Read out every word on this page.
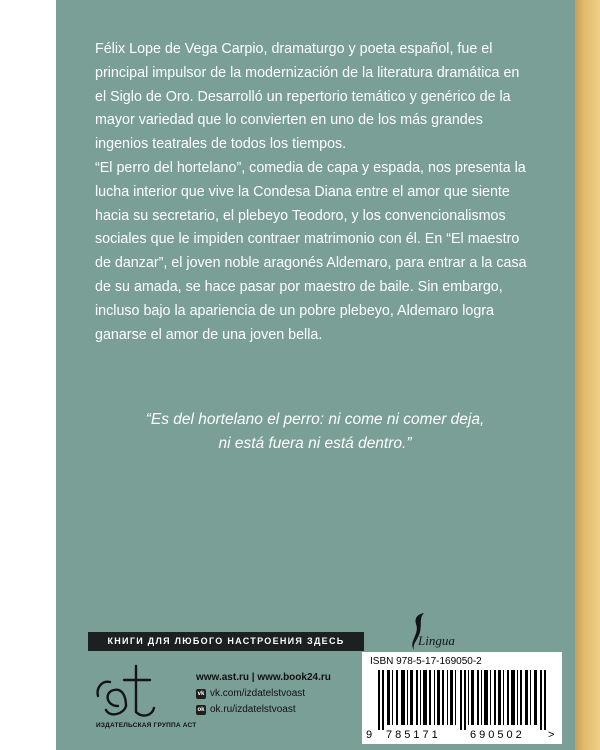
Félix Lope de Vega Carpio, dramaturgo y poeta español, fue el principal impulsor de la modernización de la literatura dramática en el Siglo de Oro. Desarrolló un repertorio temático y genérico de la mayor variedad que lo convierten en uno de los más grandes ingenios teatrales de todos los tiempos.

“El perro del hortelano”, comedia de capa y espada, nos presenta la lucha interior que vive la Condesa Diana entre el amor que siente hacia su secretario, el plebeyo Teodoro, y los convencionalismos sociales que le impiden contraer matrimonio con él. En “El maestro de danzar”, el joven noble aragonés Aldemaro, para entrar a la casa de su amada, se hace pasar por maestro de baile. Sin embargo, incluso bajo la apariencia de un pobre plebeyo, Aldemaro logra ganarse el amor de una joven bella.

“Es del hortelano el perro: ni come ni comer deja,
ni está fuera ni está dentro.”
КНИГИ ДЛЯ ЛЮБОГО НАСТРОЕНИЯ ЗДЕСЬ	Lingua
ИЗДАТЕЛЬСКАЯ ГРУППА АСТ
www.ast.ru | www.book24.ru
vk vk.com/izdatelstvoast
ok ok.ru/izdatelstvoast
ISBN 978-5-17-169050-2
9 785171	690502 >
